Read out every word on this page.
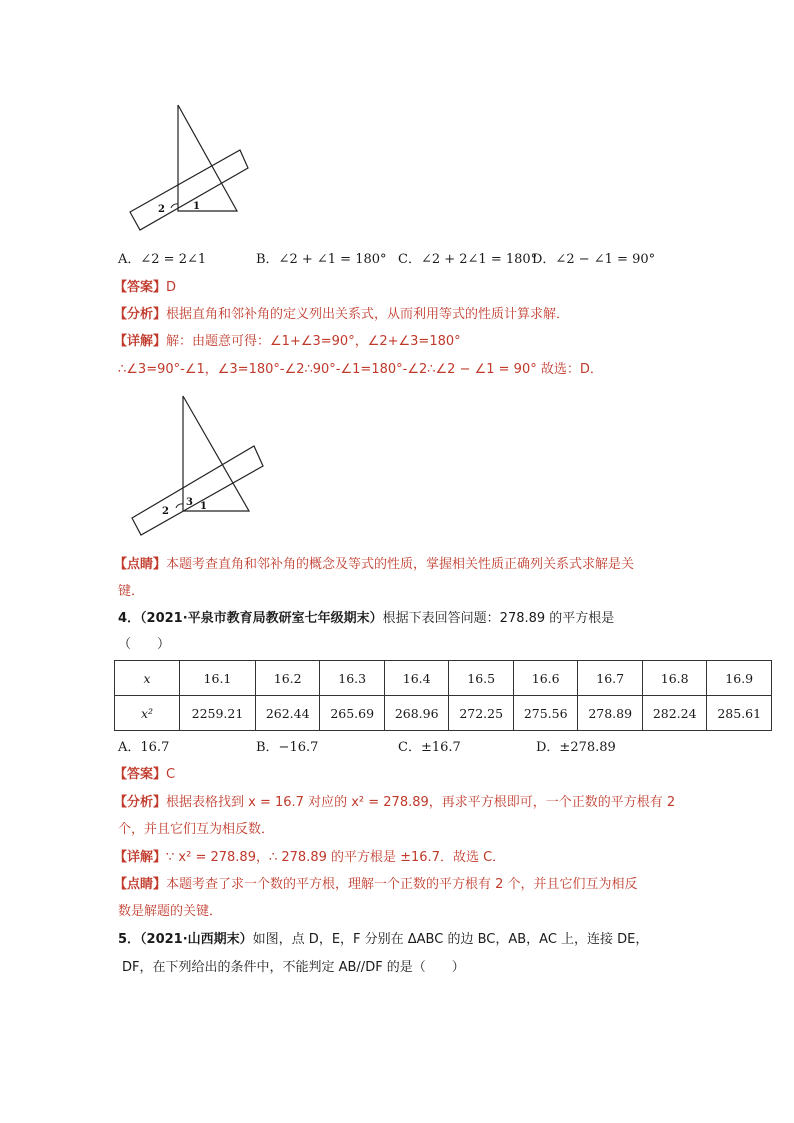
2	1
A．∠2 = 2∠1	B．∠2 + ∠1 = 180° C．∠2 + 2∠1 = 180°
D．∠2 − ∠1 = 90°
【答案】D
【分析】根据直角和邻补角的定义列出关系式，从而利用等式的性质计算求解．
【详解】解：由题意可得：∠1+∠3=90°，∠2+∠3=180°
∴∠3=90°-∠1，∠3=180°-∠2∴90°-∠1=180°-∠2∴∠2 − ∠1 = 90° 故选：D．
2
3 1
【点睛】本题考查直角和邻补角的概念及等式的性质，掌握相关性质正确列关系式求解是关
键．
4．（2021·平泉市教育局教研室七年级期末）根据下表回答问题：278.89 的平方根是
（　　）
x	16.1	16.2	16.3	16.4	16.5	16.6	16.7	16.8	16.9
x²	2259.21	262.44	265.69	268.96	272.25	275.56	278.89	282.24	285.61
A．16.7	B．−16.7	C．±16.7	D．±278.89
【答案】C
【分析】根据表格找到 x = 16.7 对应的 x² = 278.89，再求平方根即可，一个正数的平方根有 2
个，并且它们互为相反数．
【详解】∵ x² = 278.89，∴ 278.89 的平方根是 ±16.7．故选 C．
【点睛】本题考查了求一个数的平方根，理解一个正数的平方根有 2 个，并且它们互为相反
数是解题的关键．
5．（2021·山西期末）如图，点 D，E，F 分别在 ΔABC 的边 BC，AB，AC 上，连接 DE，
DF，在下列给出的条件中，不能判定 AB//DF 的是（　　）
